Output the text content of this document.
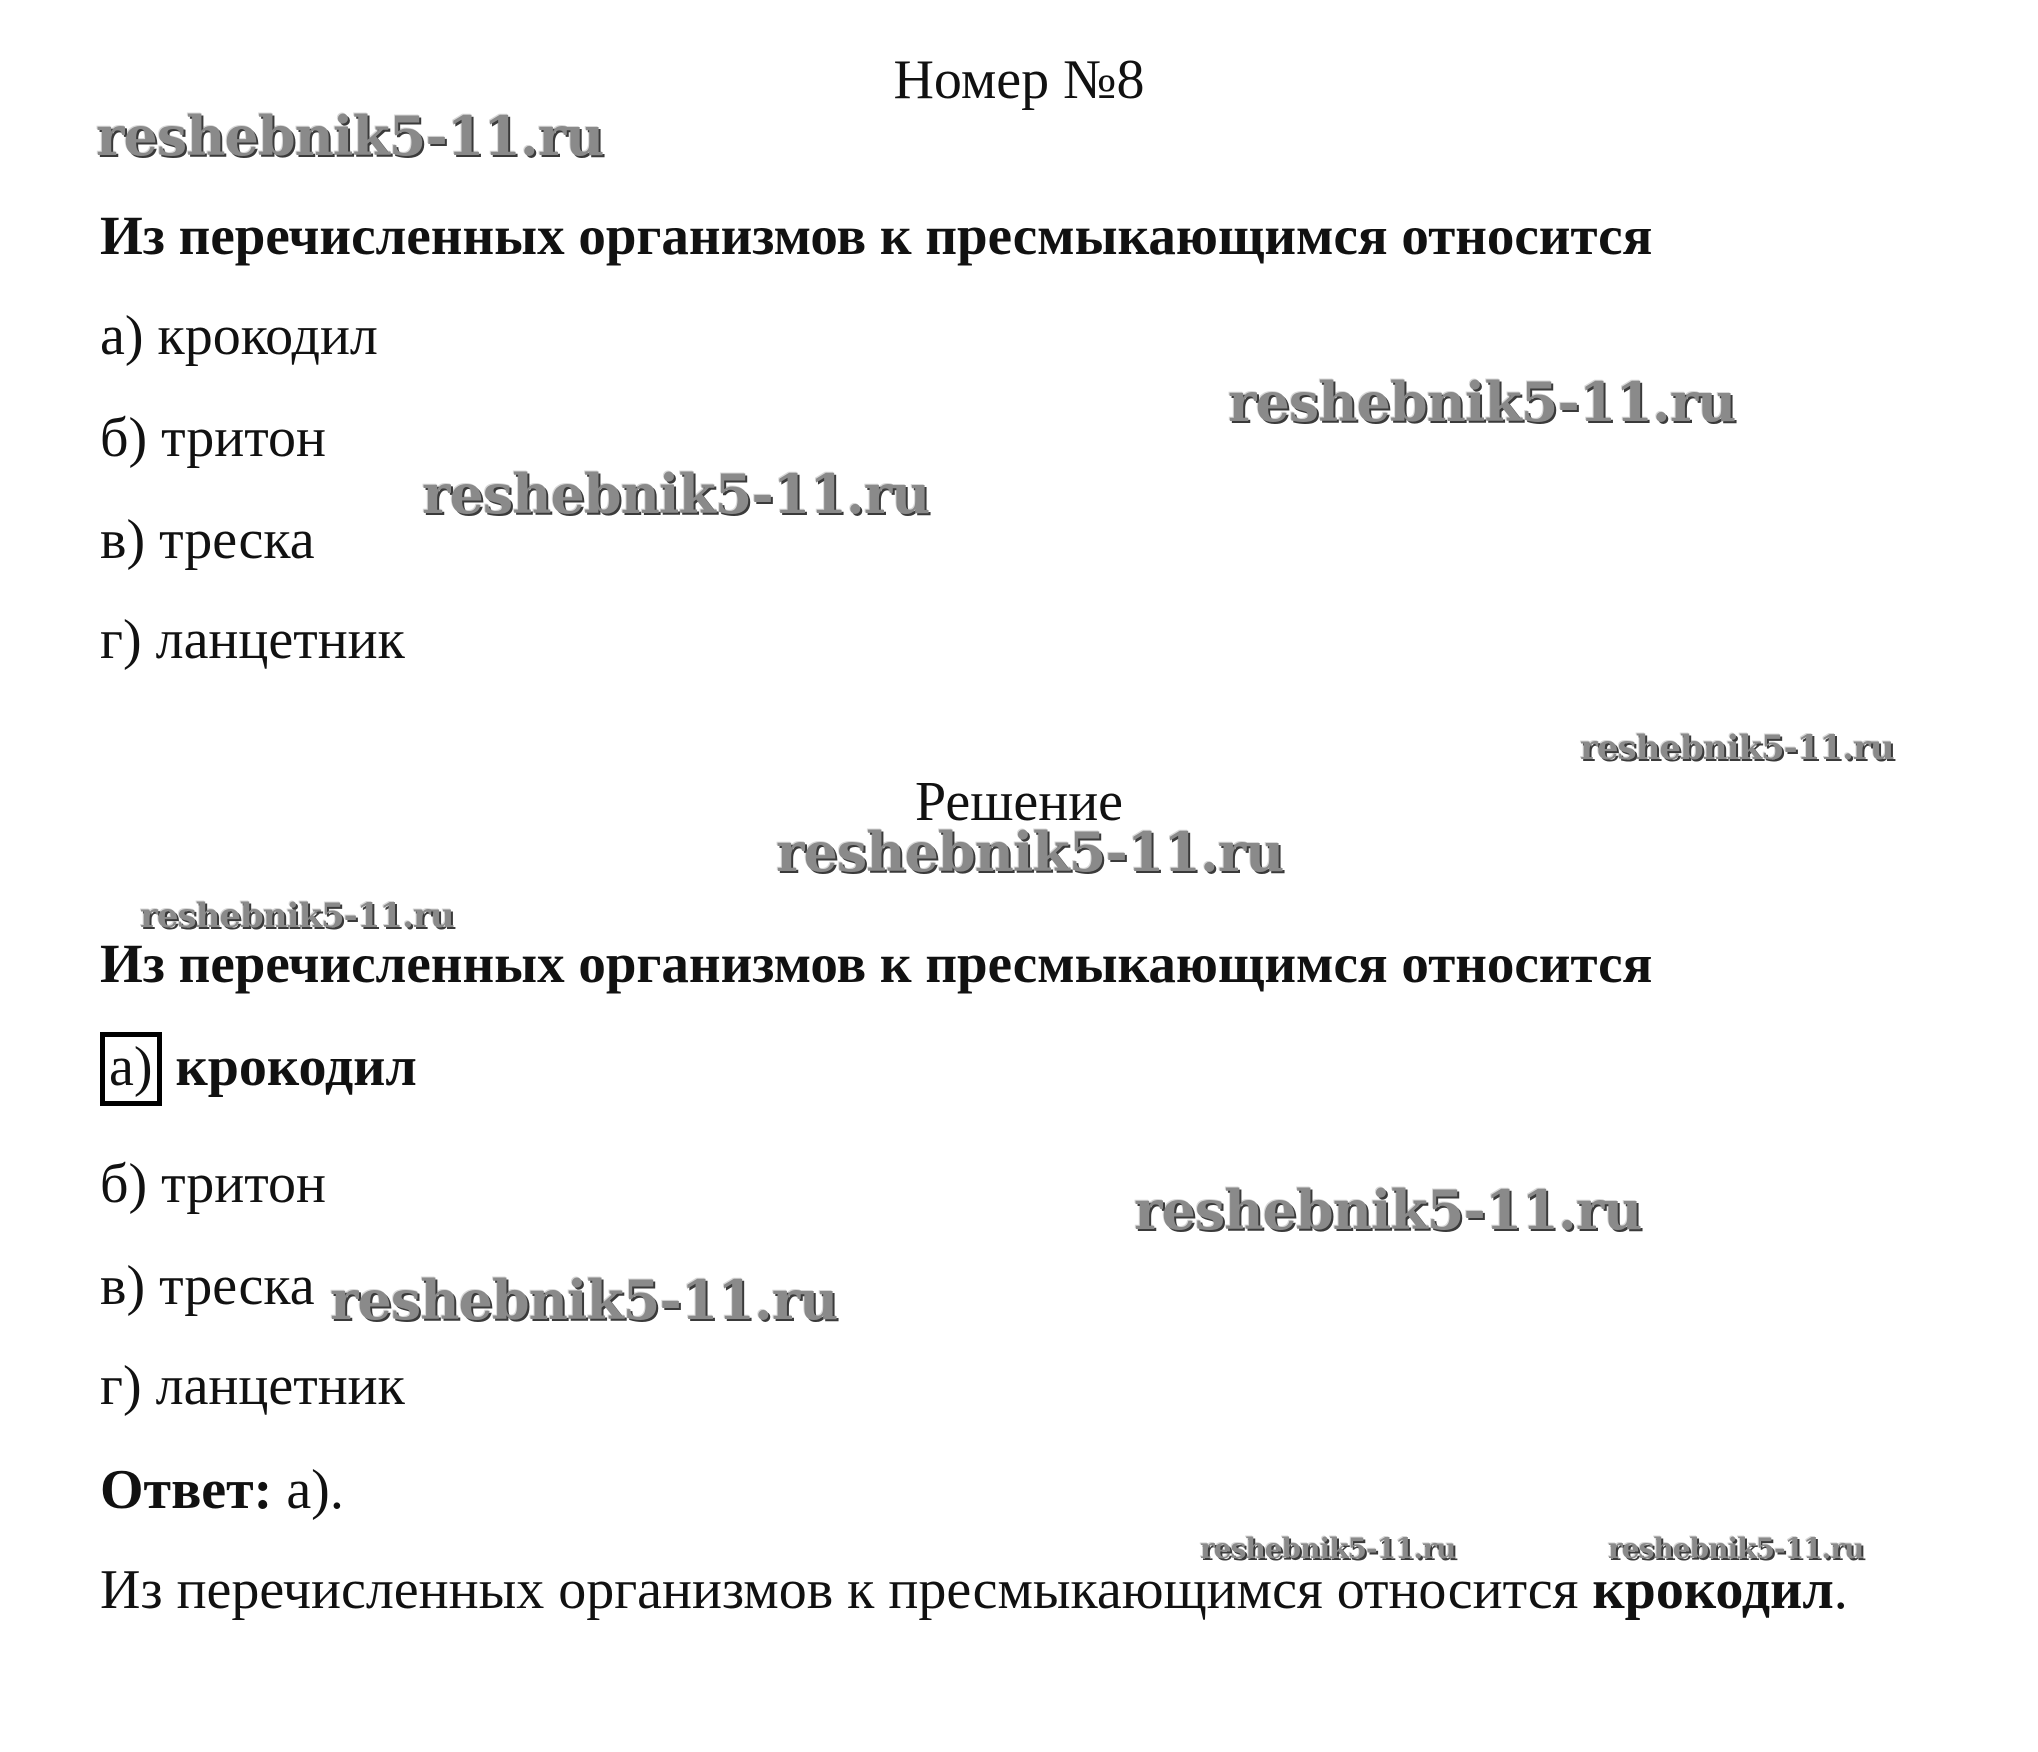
Номер №8
Из перечисленных организмов к пресмыкающимся относится
а) крокодил
б) тритон
в) треска
г) ланцетник
Решение
Из перечисленных организмов к пресмыкающимся относится
а) крокодил
б) тритон
в) треска
г) ланцетник
Ответ: а).
Из перечисленных организмов к пресмыкающимся относится крокодил.
reshebnik5-11.ru
reshebnik5-11.ru
reshebnik5-11.ru
reshebnik5-11.ru
reshebnik5-11.ru
reshebnik5-11.ru
reshebnik5-11.ru
reshebnik5-11.ru
reshebnik5-11.ru	reshebnik5-11.ru
